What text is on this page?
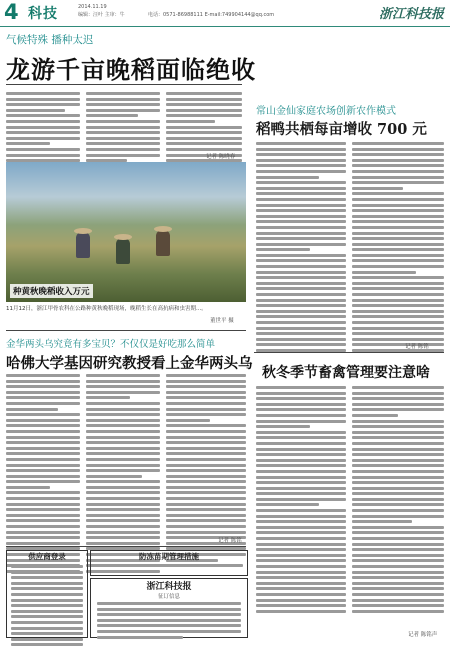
4 科技	2014.11.19
编辑：汪叶 主审：牛	电话：0571-86988111 E-mail:749904144@qq.com	浙江科技报
气候特殊 播种太迟
龙游千亩晚稻面临绝收
记者 陈晓春
常山金仙家庭农场创新农作模式
稻鸭共栖每亩增收 700 元
记者 陈铭
种黄秋晚稻收入万元
11月12日，浙江甲骨农科在公路种黄秋晚稻现场，晚稻生长在高抗病和虫害期...。
董世平 摄
金华两头乌究竟有多宝贝？不仅仅是好吃那么简单
哈佛大学基因研究教授看上金华两头乌
记者 陈铭
秋冬季节畜禽管理要注意啥
记者 陈铭声
供应商登录	防冻苗期管理措施
浙江科技报
征订信息
